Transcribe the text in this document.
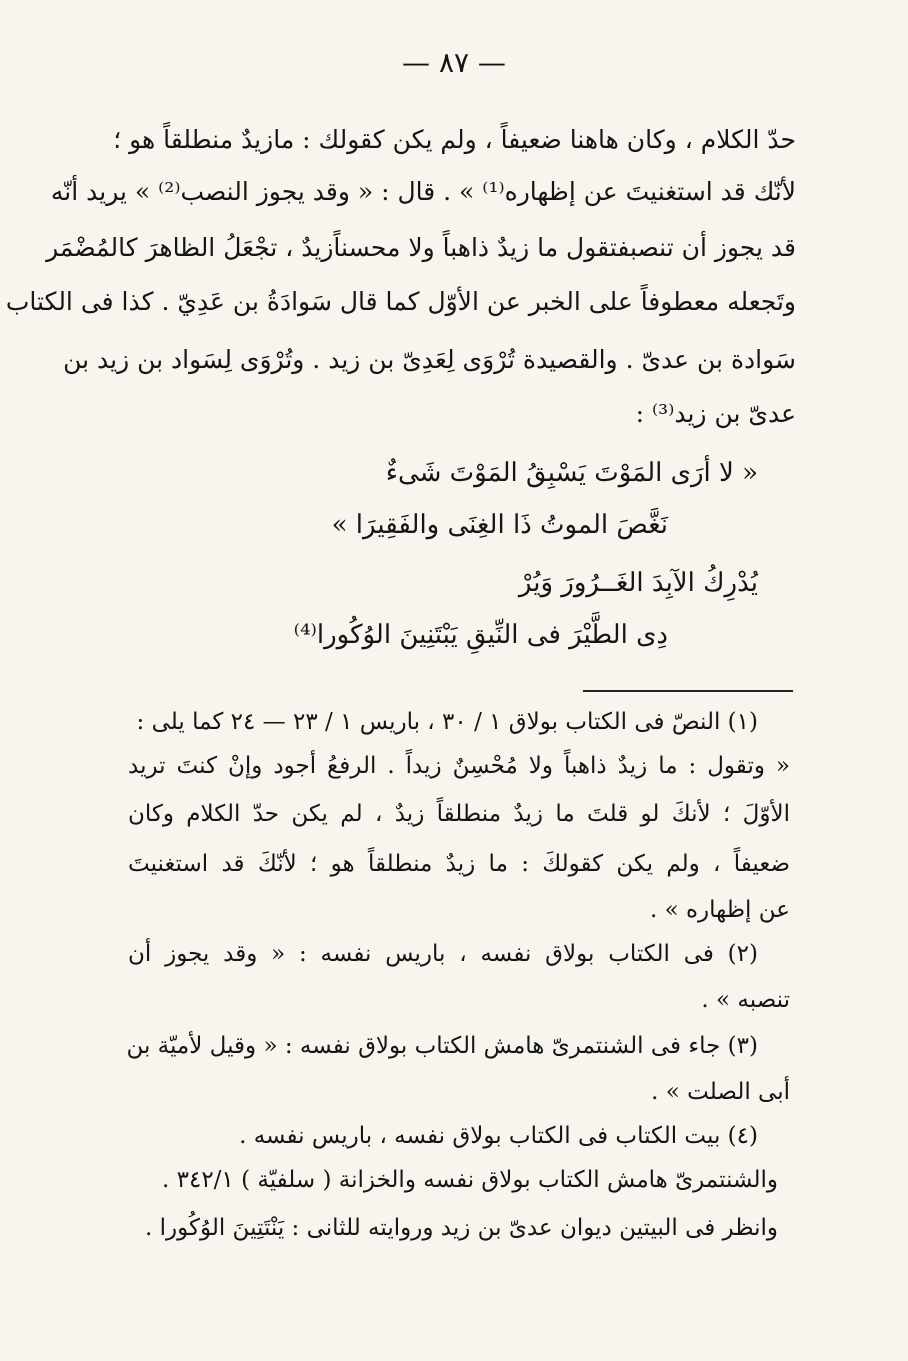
— ٨٧ —
حدّ الكلام ، وكان هاهنا ضعيفاً ، ولم يكن كقولك : مازيدٌ منطلقاً هو ؛
لأنّك قد استغنيتَ عن إظهاره⁽¹⁾ » . قال : « وقد يجوز النصب⁽²⁾ » يريد أنّه
قد يجوز أن تنصبفتقول ما زيدٌ ذاهباً ولا محسناًزيدٌ ، تجْعَلُ الظاهرَ كالمُضْمَر
وتَجعله معطوفاً على الخبر عن الأوّل كما قال سَوادَةُ بن عَدِيّ . كذا فى الكتاب
سَوادة بن عدىّ . والقصيدة تُرْوَى لِعَدِىّ بن زيد . وتُرْوَى لِسَواد بن زيد بن
عدىّ بن زيد⁽³⁾ :
« لا أرَى المَوْتَ يَسْبِقُ المَوْتَ شَىءٌ
نَغَّصَ الموتُ ذَا الغِنَى والفَقِيرَا »
يُدْرِكُ الآبِدَ الغَــرُورَ وَيُرْ
دِى الطَّيْرَ فى النِّيقِ يَبْتَنِينَ الوُكُورا⁽⁴⁾
(١) النصّ فى الكتاب بولاق ١ / ٣٠ ، باريس ١ / ٢٣ — ٢٤ كما يلى :
« وتقول : ما زيدٌ ذاهباً ولا مُحْسِنٌ زيداً . الرفعُ أجود وإنْ كنتَ تريد
الأوّلَ ؛ لأنكَ لو قلتَ ما زيدٌ منطلقاً زيدٌ ، لم يكن حدّ الكلام وكان
ضعيفاً ، ولم يكن كقولكَ : ما زيدٌ منطلقاً هو ؛ لأنّكَ قد استغنيتَ
عن إظهاره » .
(٢) فى الكتاب بولاق نفسه ، باريس نفسه : « وقد يجوز أن
تنصبه » .
(٣) جاء فى الشنتمرىّ هامش الكتاب بولاق نفسه : « وقيل لأميّة بن
أبى الصلت » .
(٤) بيت الكتاب فى الكتاب بولاق نفسه ، باريس نفسه .
والشنتمرىّ هامش الكتاب بولاق نفسه والخزانة ( سلفيّة ) ٣٤٢/١ .
وانظر فى البيتين ديوان عدىّ بن زيد وروايته للثانى : يَنْتَتِينَ الوُكُورا .
